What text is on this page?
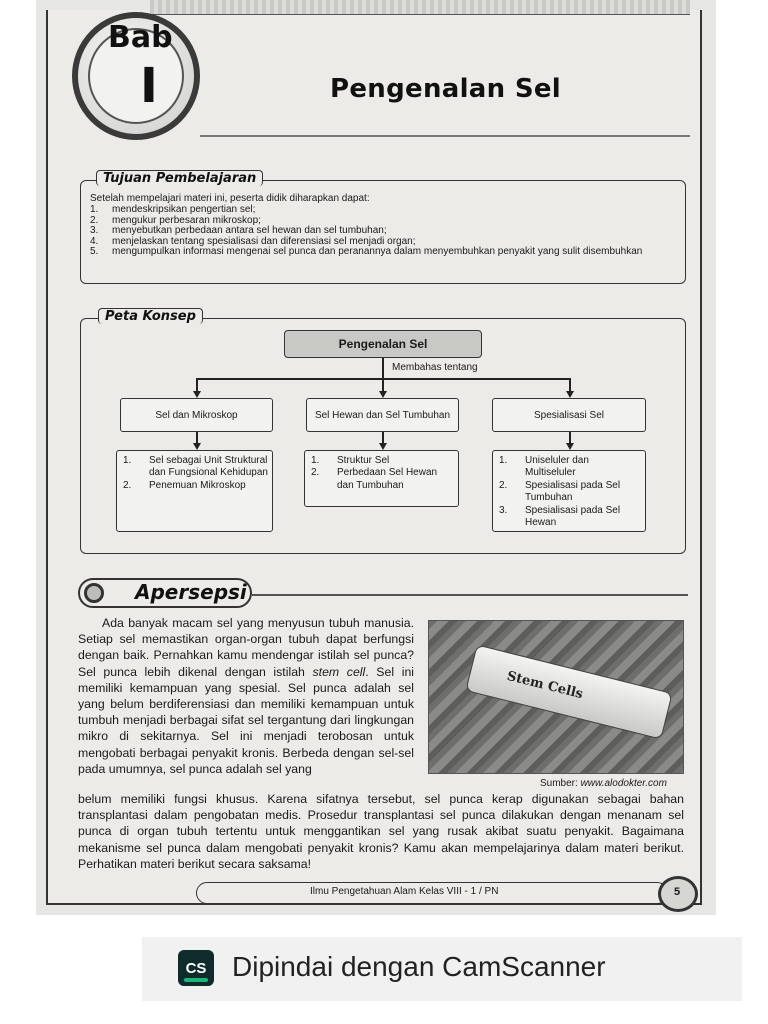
Bab
I	Pengenalan Sel
Tujuan Pembelajaran
Setelah mempelajari materi ini, peserta didik diharapkan dapat:
1.	mendeskripsikan pengertian sel;
2.	mengukur perbesaran mikroskop;
3.	menyebutkan perbedaan antara sel hewan dan sel tumbuhan;
4.	menjelaskan tentang spesialisasi dan diferensiasi sel menjadi organ;
5.	mengumpulkan informasi mengenai sel punca dan peranannya dalam menyembuhkan penyakit yang sulit disembuhkan
Peta Konsep
Pengenalan Sel
Membahas tentang
Sel dan Mikroskop	Sel Hewan dan Sel Tumbuhan	Spesialisasi Sel
1.	Sel sebagai Unit Struktural dan Fungsional Kehidupan
2.	Penemuan Mikroskop
1.	Struktur Sel
2.	Perbedaan Sel Hewan dan Tumbuhan
1.	Uniseluler dan Multiseluler
2.	Spesialisasi pada Sel Tumbuhan
3.	Spesialisasi pada Sel Hewan
Apersepsi
Ada banyak macam sel yang menyusun tubuh manusia. Setiap sel memastikan organ-organ tubuh dapat berfungsi dengan baik. Pernahkan kamu mendengar istilah sel punca? Sel punca lebih dikenal dengan istilah stem cell. Sel ini memiliki kemampuan yang spesial. Sel punca adalah sel yang belum berdiferensiasi dan memiliki kemampuan untuk tumbuh menjadi berbagai sifat sel tergantung dari lingkungan mikro di sekitarnya. Sel ini menjadi terobosan untuk mengobati berbagai penyakit kronis. Berbeda dengan sel-sel pada umumnya, sel punca adalah sel yang
Stem Cells
Sumber: www.alodokter.com
belum memiliki fungsi khusus. Karena sifatnya tersebut, sel punca kerap digunakan sebagai bahan transplantasi dalam pengobatan medis. Prosedur transplantasi sel punca dilakukan dengan menanam sel punca di organ tubuh tertentu untuk menggantikan sel yang rusak akibat suatu penyakit. Bagaimana mekanisme sel punca dalam mengobati penyakit kronis? Kamu akan mempelajarinya dalam materi berikut. Perhatikan materi berikut secara saksama!
Ilmu Pengetahuan Alam Kelas VIII - 1 / PN	5
CS Dipindai dengan CamScanner
